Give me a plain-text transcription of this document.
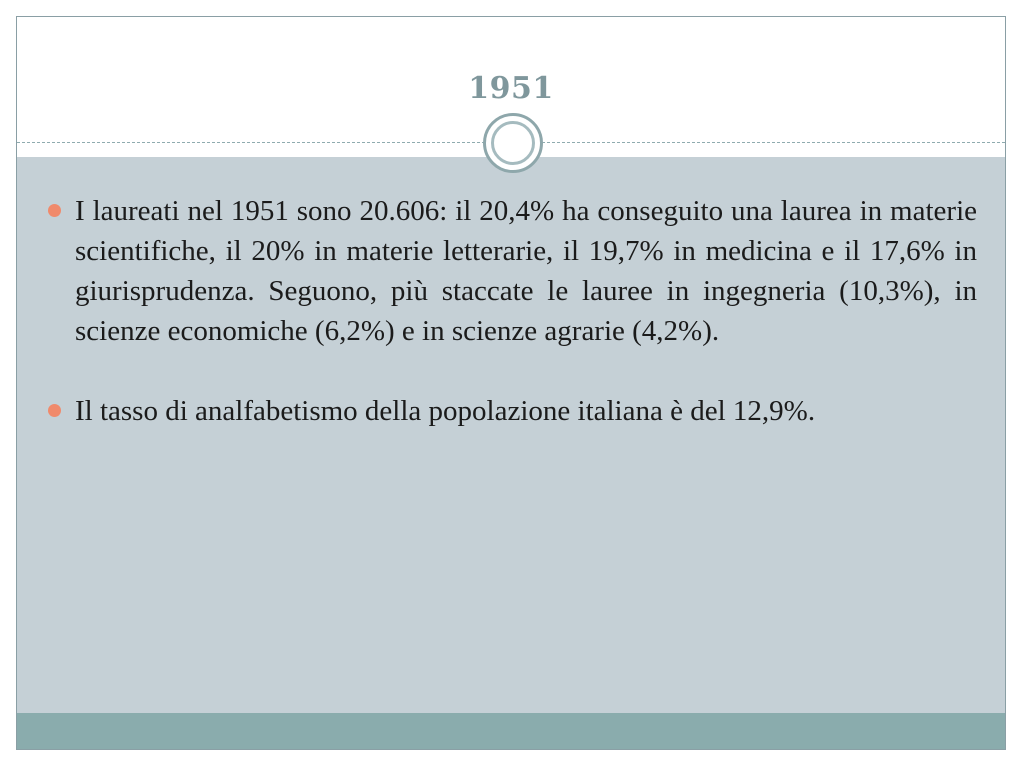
1951
I laureati nel 1951 sono 20.606: il 20,4% ha conseguito una laurea in materie scientifiche, il 20% in materie letterarie, il 19,7% in medicina e il 17,6% in giurisprudenza. Seguono, più staccate le lauree in ingegneria (10,3%), in scienze economiche (6,2%) e in scienze agrarie (4,2%).
Il tasso di analfabetismo della popolazione italiana è del 12,9%.
